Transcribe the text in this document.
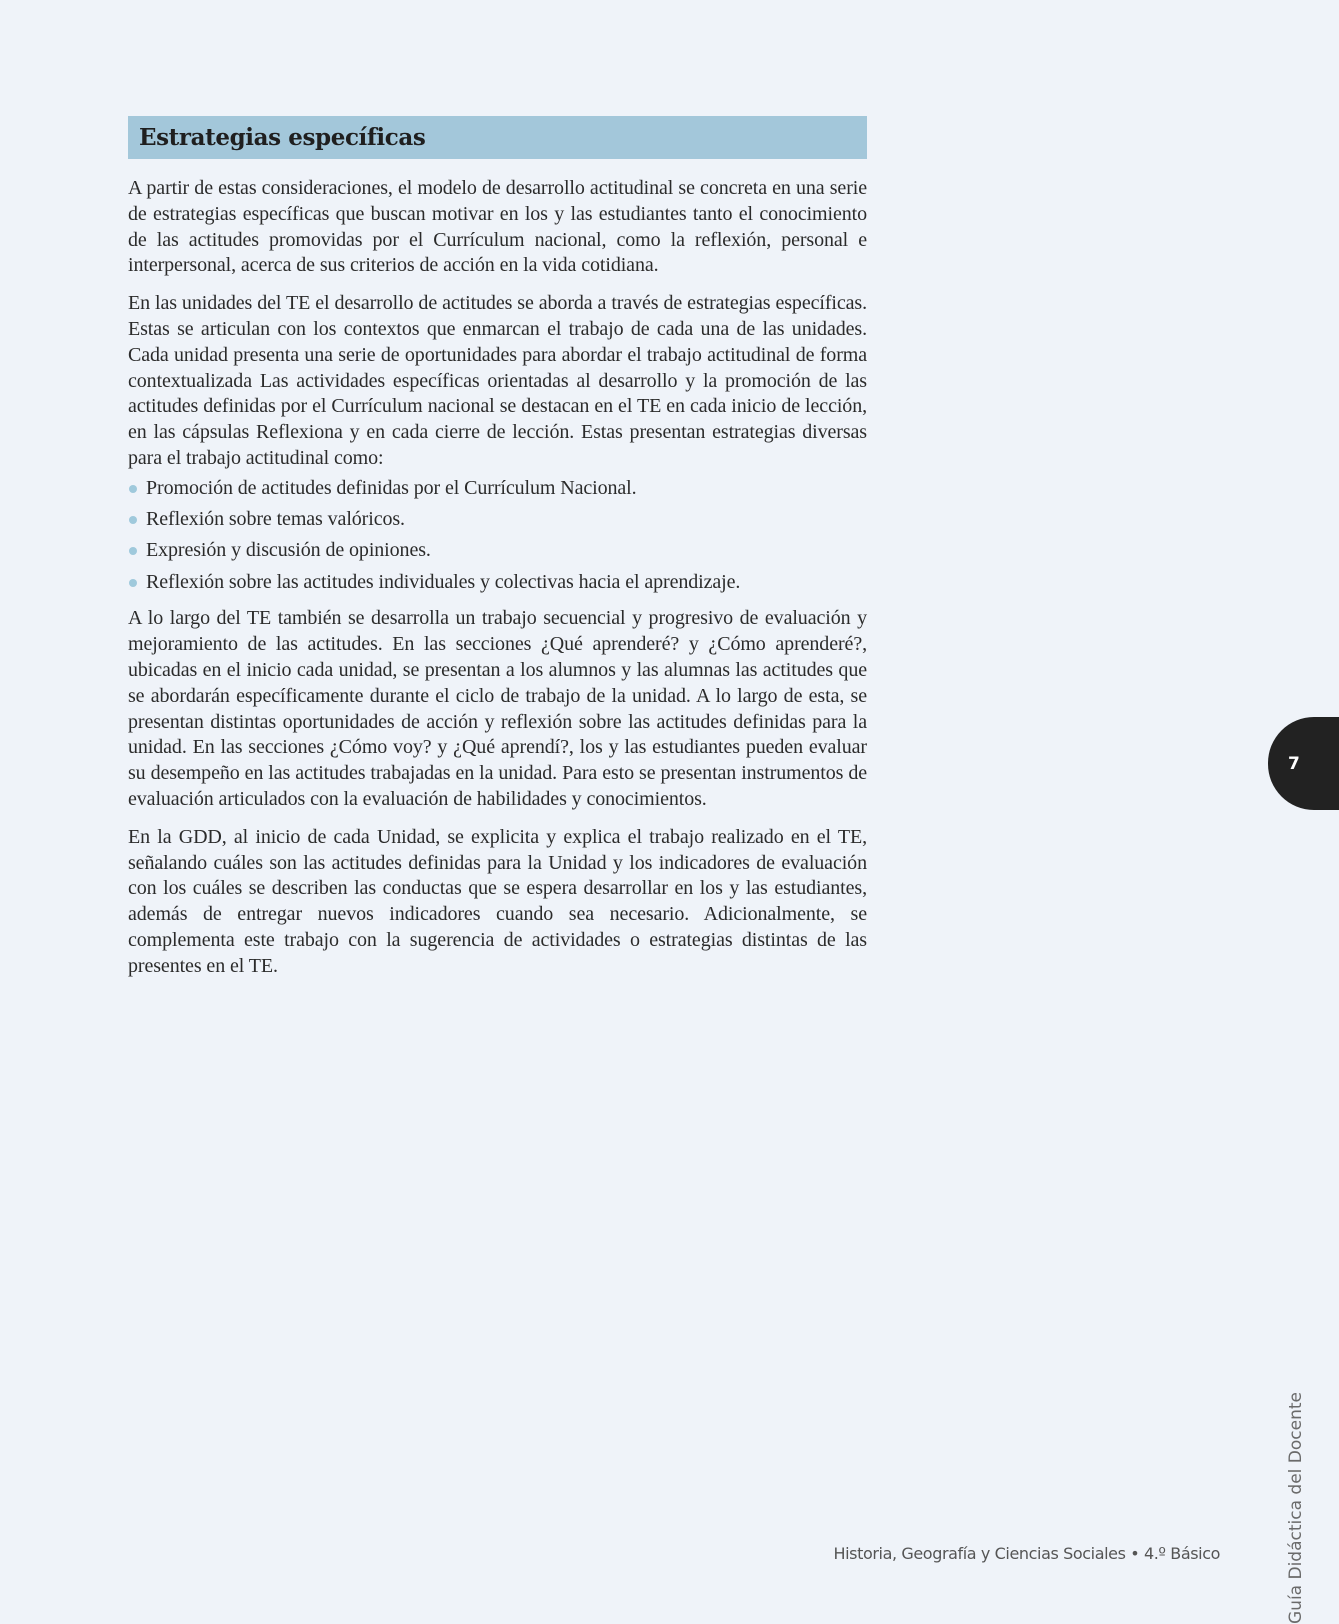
Estrategias específicas

A partir de estas consideraciones, el modelo de desarrollo actitudinal se concreta en una serie de estrategias específicas que buscan motivar en los y las estudiantes tanto el conocimiento de las actitudes promovidas por el Currículum nacional, como la reflexión, personal e interpersonal, acerca de sus criterios de acción en la vida cotidiana.

En las unidades del TE el desarrollo de actitudes se aborda a través de estrategias específicas. Estas se articulan con los contextos que enmarcan el trabajo de cada una de las unidades. Cada unidad presenta una serie de oportunidades para abordar el trabajo actitudinal de forma contextualizada Las actividades específicas orientadas al desarrollo y la promoción de las actitudes definidas por el Currículum nacional se destacan en el TE en cada inicio de lección, en las cápsulas Reflexiona y en cada cierre de lección. Estas presentan estrategias diversas para el trabajo actitudinal como:

Promoción de actitudes definidas por el Currículum Nacional.
Reflexión sobre temas valóricos.
Expresión y discusión de opiniones.
Reflexión sobre las actitudes individuales y colectivas hacia el aprendizaje.

A lo largo del TE también se desarrolla un trabajo secuencial y progresivo de evaluación y mejoramiento de las actitudes. En las secciones ¿Qué aprenderé? y ¿Cómo aprenderé?, ubicadas en el inicio cada unidad, se presentan a los alumnos y las alumnas las actitudes que se abordarán específicamente durante el ciclo de trabajo de la unidad. A lo largo de esta, se presentan distintas oportunidades de acción y reflexión sobre las actitudes definidas para la unidad. En las secciones ¿Cómo voy? y ¿Qué aprendí?, los y las estudiantes pueden evaluar su desempeño en las actitudes trabajadas en la unidad. Para esto se presentan instrumentos de evaluación articulados con la evaluación de habilidades y conocimientos.

En la GDD, al inicio de cada Unidad, se explicita y explica el trabajo realizado en el TE, señalando cuáles son las actitudes definidas para la Unidad y los indicadores de evaluación con los cuáles se describen las conductas que se espera desarrollar en los y las estudiantes, además de entregar nuevos indicadores cuando sea necesario. Adicionalmente, se complementa este trabajo con la sugerencia de actividades o estrategias distintas de las presentes en el TE.

7
Guía Didáctica del Docente
Historia, Geografía y Ciencias Sociales • 4.º Básico
